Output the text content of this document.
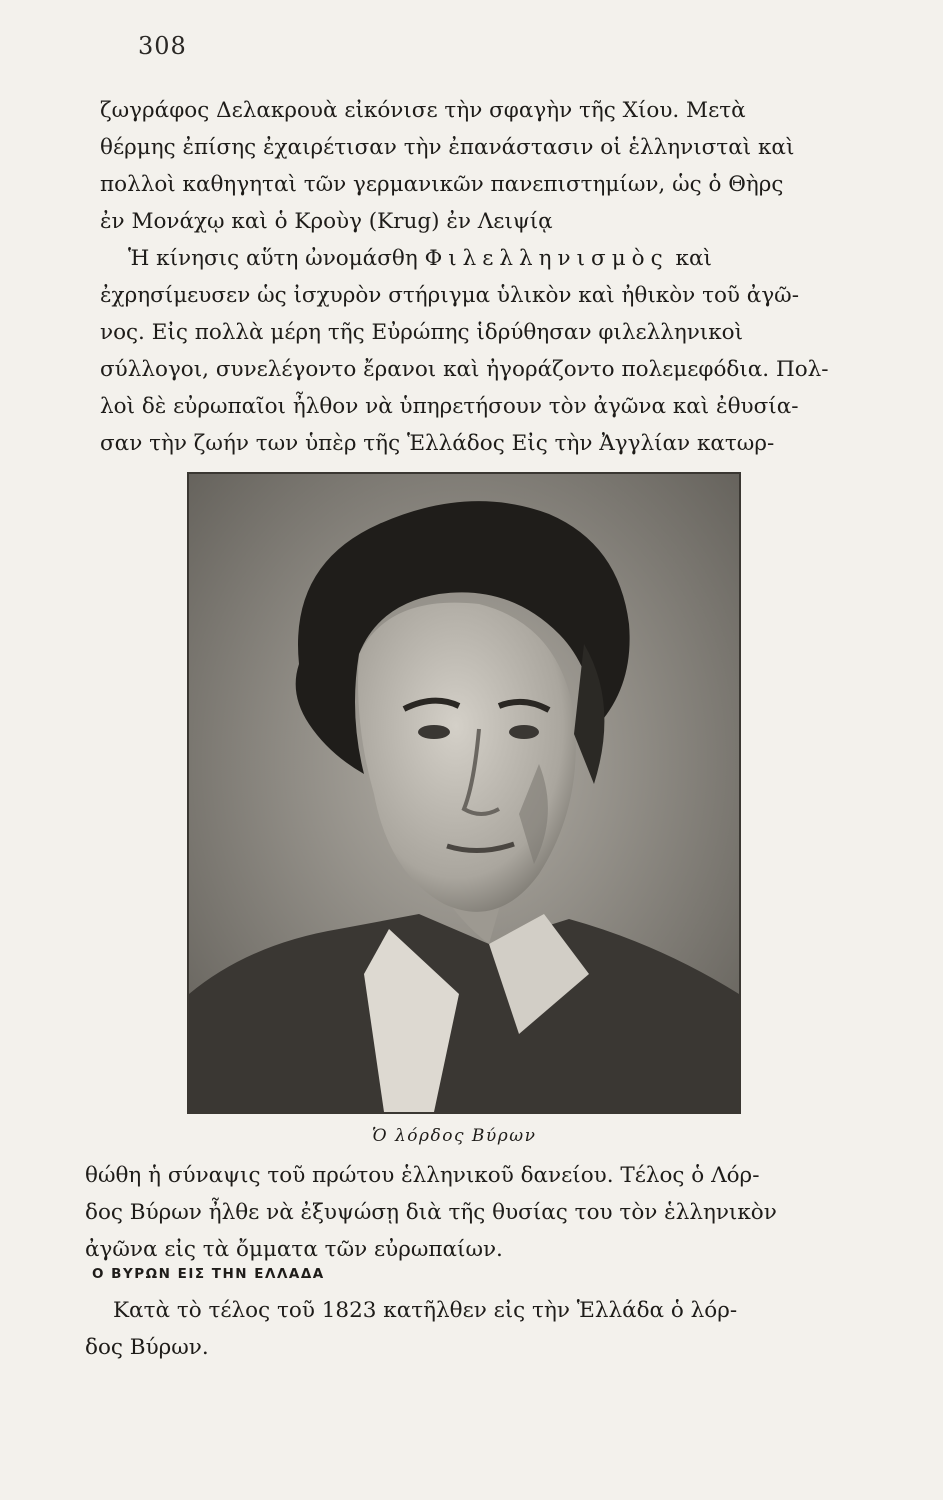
308
ζωγράφος Δελακρουὰ εἰκόνισε τὴν σφαγὴν τῆς Χίου. Μετὰ
θέρμης ἐπίσης ἐχαιρέτισαν τὴν ἐπανάστασιν οἱ ἑλληνισταὶ καὶ
πολλοὶ καθηγηταὶ τῶν γερμανικῶν πανεπιστημίων, ὡς ὁ Θὴρς
ἐν Μονάχῳ καὶ ὁ Κροὺγ (Krug) ἐν Λειψίᾳ
Ἡ κίνησις αὕτη ὠνομάσθη Φιλελληνισμὸς καὶ
ἐχρησίμευσεν ὡς ἰσχυρὸν στήριγμα ὑλικὸν καὶ ἠθικὸν τοῦ ἀγῶ-
νος. Εἰς πολλὰ μέρη τῆς Εὐρώπης ἱδρύθησαν φιλελληνικοὶ
σύλλογοι, συνελέγοντο ἔρανοι καὶ ἠγοράζοντο πολεμεφόδια. Πολ-
λοὶ δὲ εὐρωπαῖοι ἦλθον νὰ ὑπηρετήσουν τὸν ἀγῶνα καὶ ἐθυσία-
σαν τὴν ζωήν των ὑπὲρ τῆς Ἑλλάδος Εἰς τὴν Ἀγγλίαν κατωρ-
Ὁ λόρδος Βύρων
θώθη ἡ σύναψις τοῦ πρώτου ἑλληνικοῦ δανείου. Τέλος ὁ Λόρ-
δος Βύρων ἦλθε νὰ ἐξυψώσῃ διὰ τῆς θυσίας του τὸν ἑλληνικὸν
ἀγῶνα εἰς τὰ ὄμματα τῶν εὐρωπαίων.
Ο ΒΥΡΩΝ ΕΙΣ ΤΗΝ ΕΛΛΑΔΑ
Κατὰ τὸ τέλος τοῦ 1823 κατῆλθεν εἰς τὴν Ἑλλάδα ὁ λόρ-
δος Βύρων.
